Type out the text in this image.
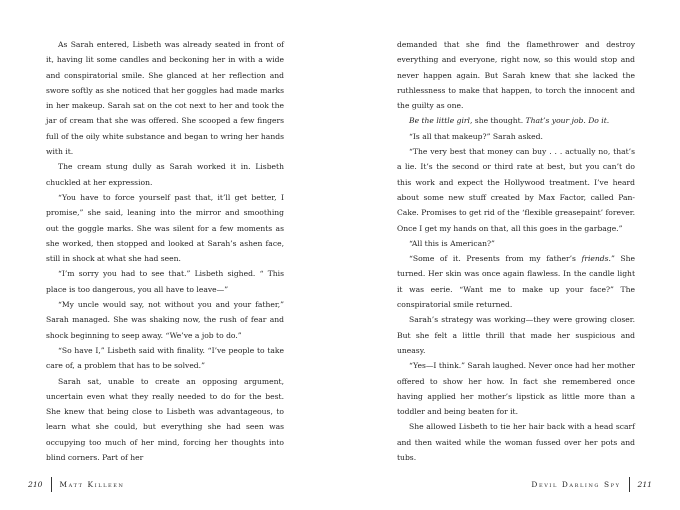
As Sarah entered, Lisbeth was already seated in front of it, having lit some candles and beckoning her in with a wide and conspiratorial smile. She glanced at her reflection and swore softly as she noticed that her goggles had made marks in her makeup. Sarah sat on the cot next to her and took the jar of cream that she was offered. She scooped a few fingers full of the oily white substance and began to wring her hands with it.

The cream stung dully as Sarah worked it in. Lisbeth chuckled at her expression.

“You have to force yourself past that, it’ll get better, I promise,” she said, leaning into the mirror and smoothing out the goggle marks. She was silent for a few moments as she worked, then stopped and looked at Sarah’s ashen face, still in shock at what she had seen.

“I’m sorry you had to see that.” Lisbeth sighed. “ This place is too dangerous, you all have to leave—”

“My uncle would say, not without you and your father,” Sarah managed. She was shaking now, the rush of fear and shock beginning to seep away. “We’ve a job to do.”

“So have I,” Lisbeth said with finality. “I’ve people to take care of, a problem that has to be solved.”

Sarah sat, unable to create an opposing argument, uncertain even what they really needed to do for the best. She knew that being close to Lisbeth was advantageous, to learn what she could, but everything she had seen was occupying too much of her mind, forcing her thoughts into blind corners. Part of her

210 Matt Killeen

demanded that she find the flamethrower and destroy everything and everyone, right now, so this would stop and never happen again. But Sarah knew that she lacked the ruthlessness to make that happen, to torch the innocent and the guilty as one.

Be the little girl, she thought. That’s your job. Do it.

“Is all that makeup?” Sarah asked.

“The very best that money can buy . . . actually no, that’s a lie. It’s the second or third rate at best, but you can’t do this work and expect the Hollywood treatment. I’ve heard about some new stuff created by Max Factor, called Pan-Cake. Promises to get rid of the ‘flexible greasepaint’ forever. Once I get my hands on that, all this goes in the garbage.”

“All this is American?”

“Some of it. Presents from my father’s friends.” She turned. Her skin was once again flawless. In the candle light it was eerie. “Want me to make up your face?” The conspiratorial smile returned.

Sarah’s strategy was working—they were growing closer. But she felt a little thrill that made her suspicious and uneasy.

“Yes—I think.” Sarah laughed. Never once had her mother offered to show her how. In fact she remembered once having applied her mother’s lipstick as little more than a toddler and being beaten for it.

She allowed Lisbeth to tie her hair back with a head scarf and then waited while the woman fussed over her pots and tubs.

Devil Darling Spy 211
